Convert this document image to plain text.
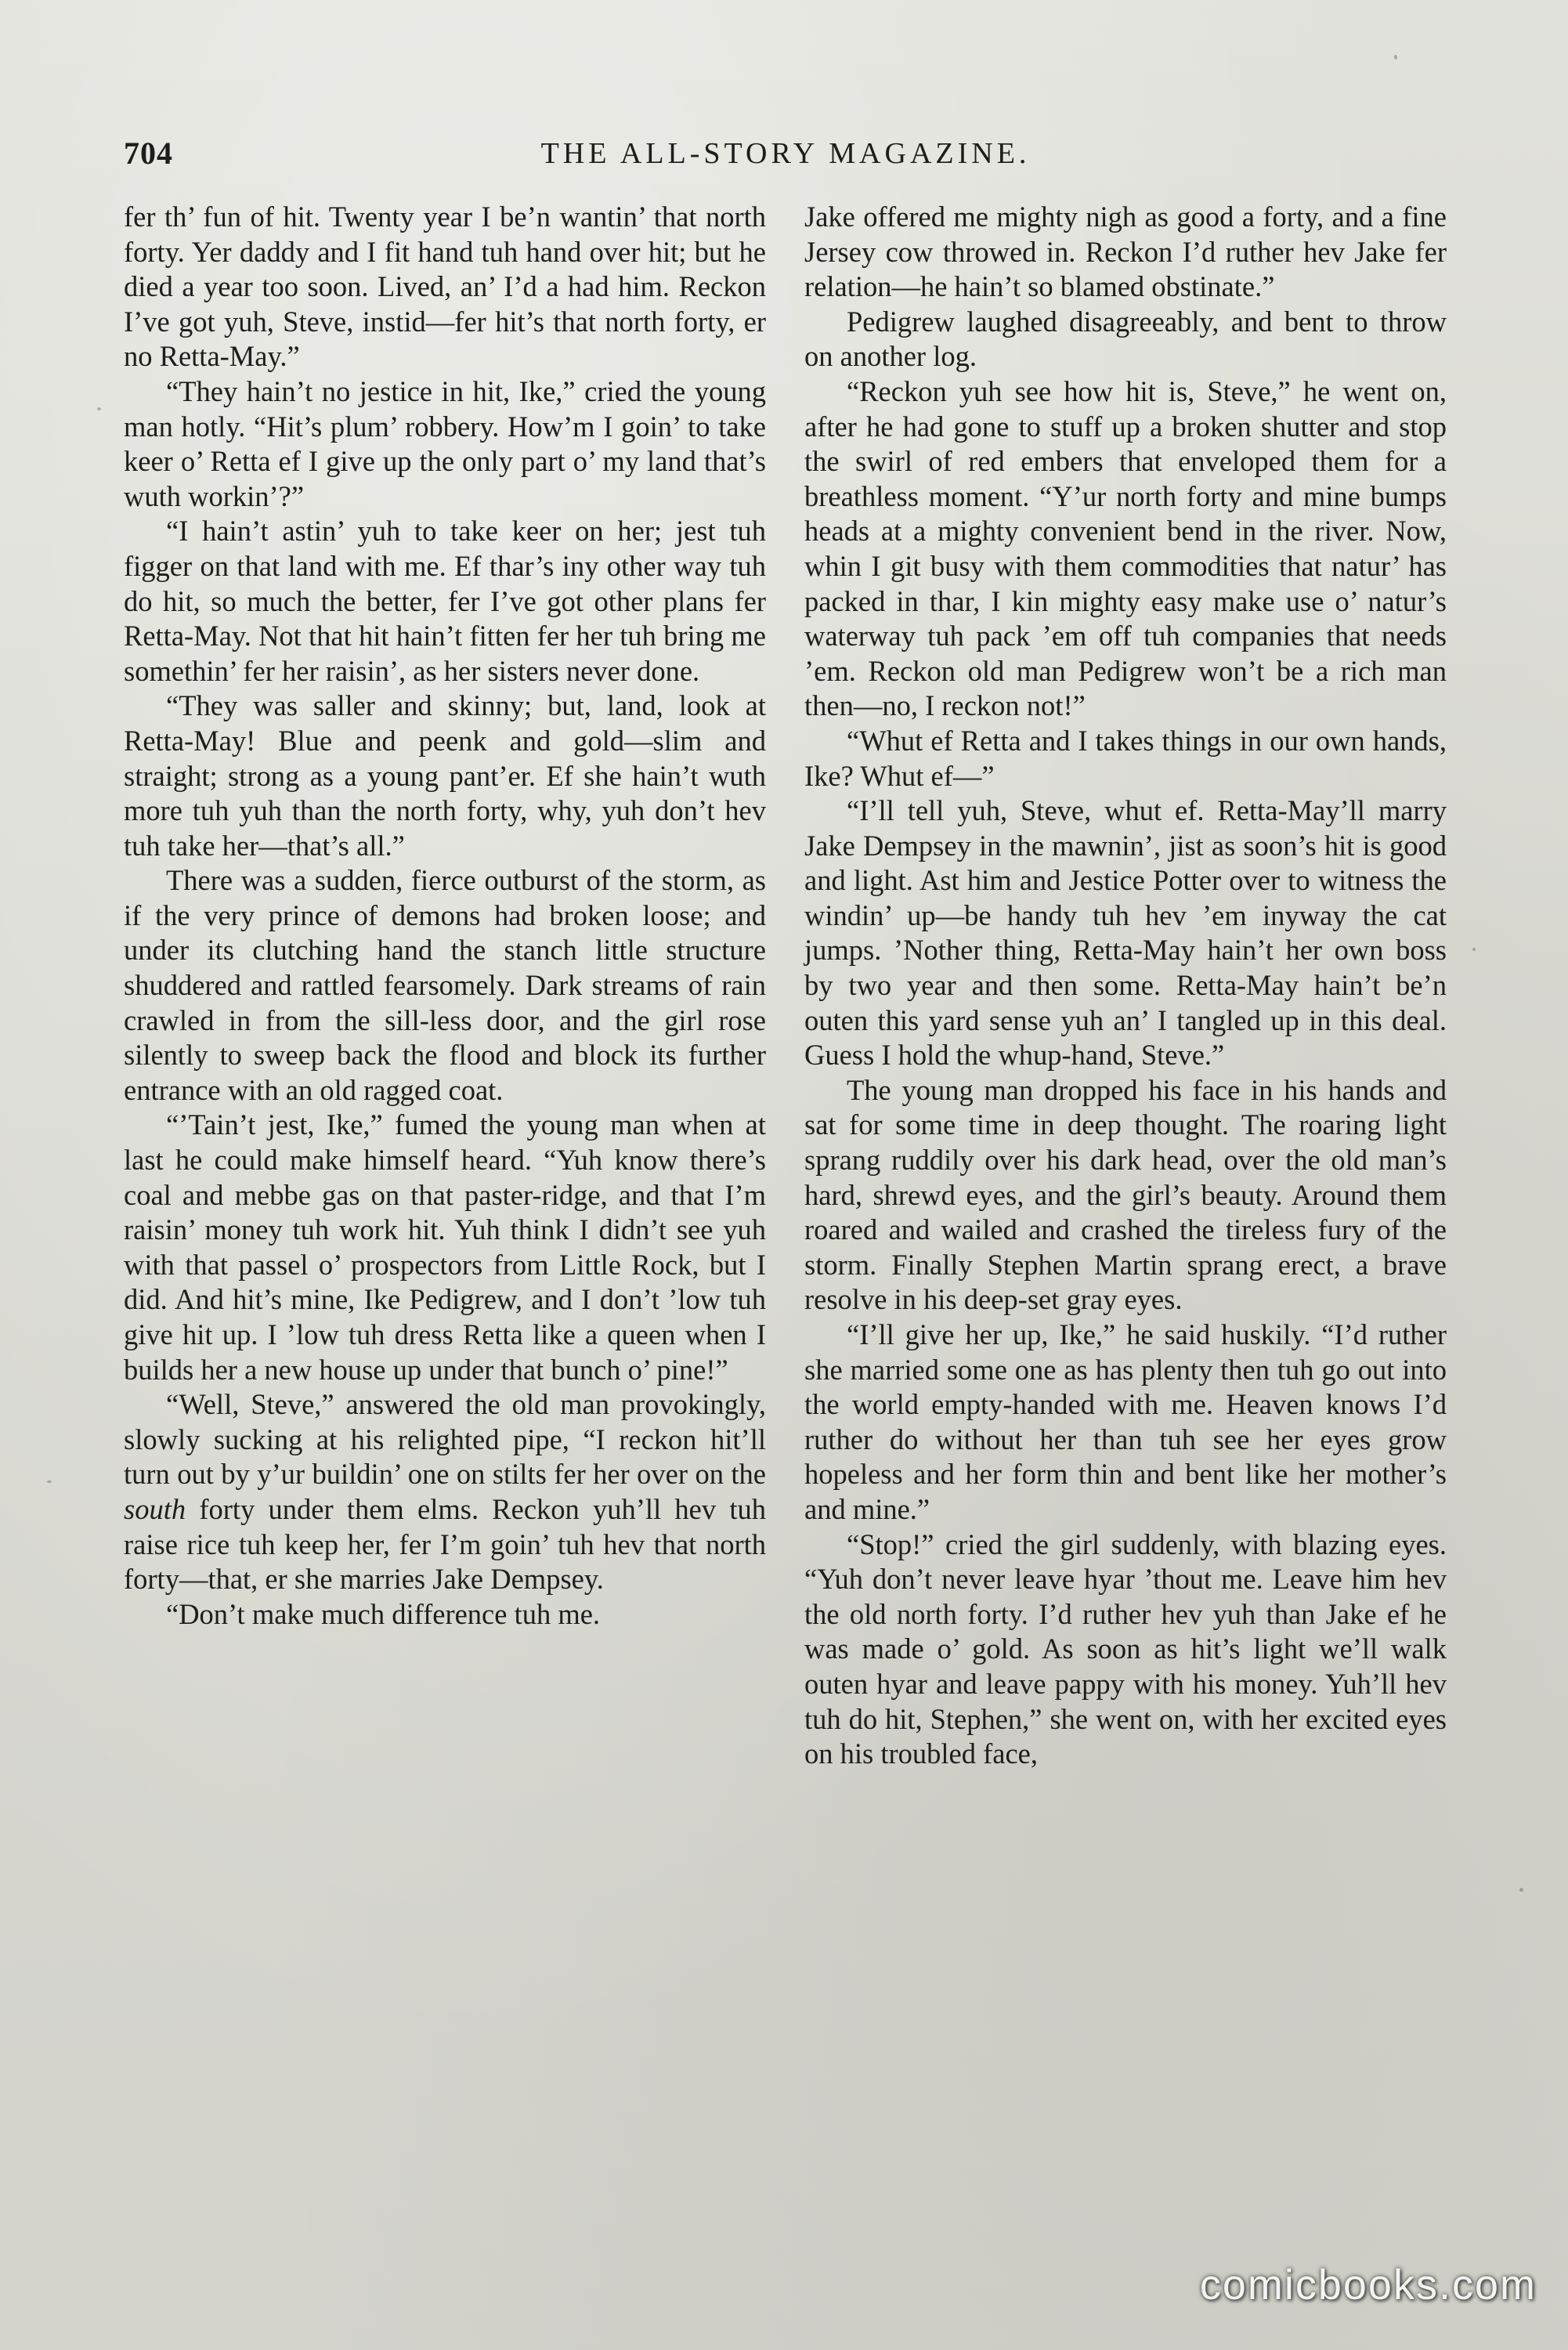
704	THE ALL-STORY MAGAZINE.

fer th’ fun of hit. Twenty year I be’n wantin’ that north forty. Yer daddy and I fit hand tuh hand over hit; but he died a year too soon. Lived, an’ I’d a had him. Reckon I’ve got yuh, Steve, instid—fer hit’s that north forty, er no Retta-May.”

“They hain’t no jestice in hit, Ike,” cried the young man hotly. “Hit’s plum’ robbery. How’m I goin’ to take keer o’ Retta ef I give up the only part o’ my land that’s wuth workin’?”

“I hain’t astin’ yuh to take keer on her; jest tuh figger on that land with me. Ef thar’s iny other way tuh do hit, so much the better, fer I’ve got other plans fer Retta-May. Not that hit hain’t fitten fer her tuh bring me somethin’ fer her raisin’, as her sisters never done.

“They was saller and skinny; but, land, look at Retta-May! Blue and peenk and gold—slim and straight; strong as a young pant’er. Ef she hain’t wuth more tuh yuh than the north forty, why, yuh don’t hev tuh take her—that’s all.”

There was a sudden, fierce outburst of the storm, as if the very prince of demons had broken loose; and under its clutching hand the stanch little structure shuddered and rattled fearsomely. Dark streams of rain crawled in from the sill-less door, and the girl rose silently to sweep back the flood and block its further entrance with an old ragged coat.

“’Tain’t jest, Ike,” fumed the young man when at last he could make himself heard. “Yuh know there’s coal and mebbe gas on that paster-ridge, and that I’m raisin’ money tuh work hit. Yuh think I didn’t see yuh with that passel o’ prospectors from Little Rock, but I did. And hit’s mine, Ike Pedigrew, and I don’t ’low tuh give hit up. I ’low tuh dress Retta like a queen when I builds her a new house up under that bunch o’ pine!”

“Well, Steve,” answered the old man provokingly, slowly sucking at his relighted pipe, “I reckon hit’ll turn out by y’ur buildin’ one on stilts fer her over on the south forty under them elms. Reckon yuh’ll hev tuh raise rice tuh keep her, fer I’m goin’ tuh hev that north forty—that, er she marries Jake Dempsey.

“Don’t make much difference tuh me.

Jake offered me mighty nigh as good a forty, and a fine Jersey cow throwed in. Reckon I’d ruther hev Jake fer relation—he hain’t so blamed obstinate.”

Pedigrew laughed disagreeably, and bent to throw on another log.

“Reckon yuh see how hit is, Steve,” he went on, after he had gone to stuff up a broken shutter and stop the swirl of red embers that enveloped them for a breathless moment. “Y’ur north forty and mine bumps heads at a mighty convenient bend in the river. Now, whin I git busy with them commodities that natur’ has packed in thar, I kin mighty easy make use o’ natur’s waterway tuh pack ’em off tuh companies that needs ’em. Reckon old man Pedigrew won’t be a rich man then—no, I reckon not!”

“Whut ef Retta and I takes things in our own hands, Ike? Whut ef—”

“I’ll tell yuh, Steve, whut ef. Retta-May’ll marry Jake Dempsey in the mawnin’, jist as soon’s hit is good and light. Ast him and Jestice Potter over to witness the windin’ up—be handy tuh hev ’em inyway the cat jumps. ’Nother thing, Retta-May hain’t her own boss by two year and then some. Retta-May hain’t be’n outen this yard sense yuh an’ I tangled up in this deal. Guess I hold the whup-hand, Steve.”

The young man dropped his face in his hands and sat for some time in deep thought. The roaring light sprang ruddily over his dark head, over the old man’s hard, shrewd eyes, and the girl’s beauty. Around them roared and wailed and crashed the tireless fury of the storm. Finally Stephen Martin sprang erect, a brave resolve in his deep-set gray eyes.

“I’ll give her up, Ike,” he said huskily. “I’d ruther she married some one as has plenty then tuh go out into the world empty-handed with me. Heaven knows I’d ruther do without her than tuh see her eyes grow hopeless and her form thin and bent like her mother’s and mine.”

“Stop!” cried the girl suddenly, with blazing eyes. “Yuh don’t never leave hyar ’thout me. Leave him hev the old north forty. I’d ruther hev yuh than Jake ef he was made o’ gold. As soon as hit’s light we’ll walk outen hyar and leave pappy with his money. Yuh’ll hev tuh do hit, Stephen,” she went on, with her excited eyes on his troubled face,

comicbooks.com
